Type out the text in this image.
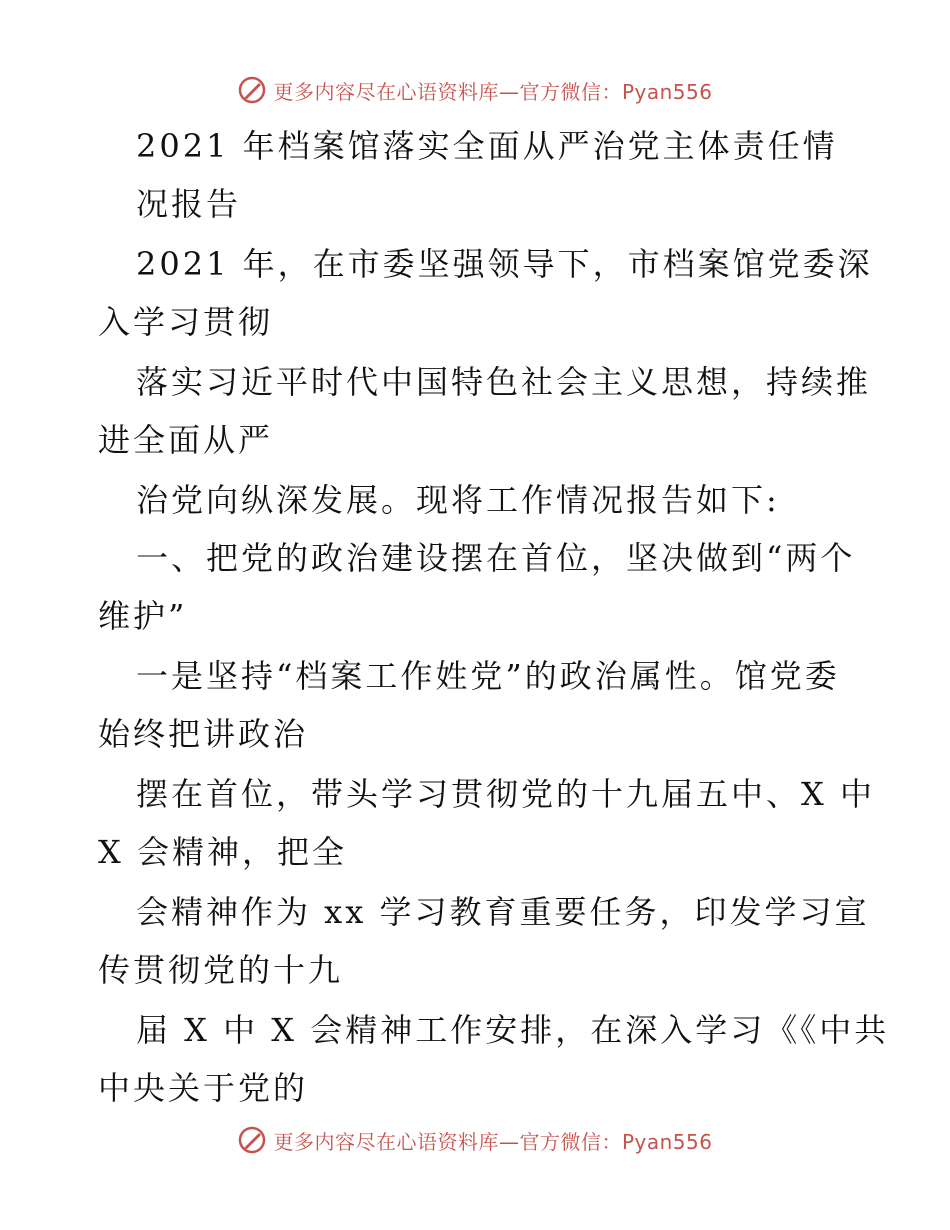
更多内容尽在心语资料库—官方微信：Pyan556
2021 年档案馆落实全面从严治党主体责任情
况报告
2021 年，在市委坚强领导下，市档案馆党委深
入学习贯彻
落实习近平时代中国特色社会主义思想，持续推
进全面从严
治党向纵深发展。现将工作情况报告如下:
一、把党的政治建设摆在首位，坚决做到“两个
维护”
一是坚持“档案工作姓党”的政治属性。馆党委
始终把讲政治
摆在首位，带头学习贯彻党的十九届五中、X 中
X 会精神，把全
会精神作为 xx 学习教育重要任务，印发学习宣
传贯彻党的十九
届 X 中 X 会精神工作安排，在深入学习《《中共
中央关于党的
更多内容尽在心语资料库—官方微信：Pyan556
